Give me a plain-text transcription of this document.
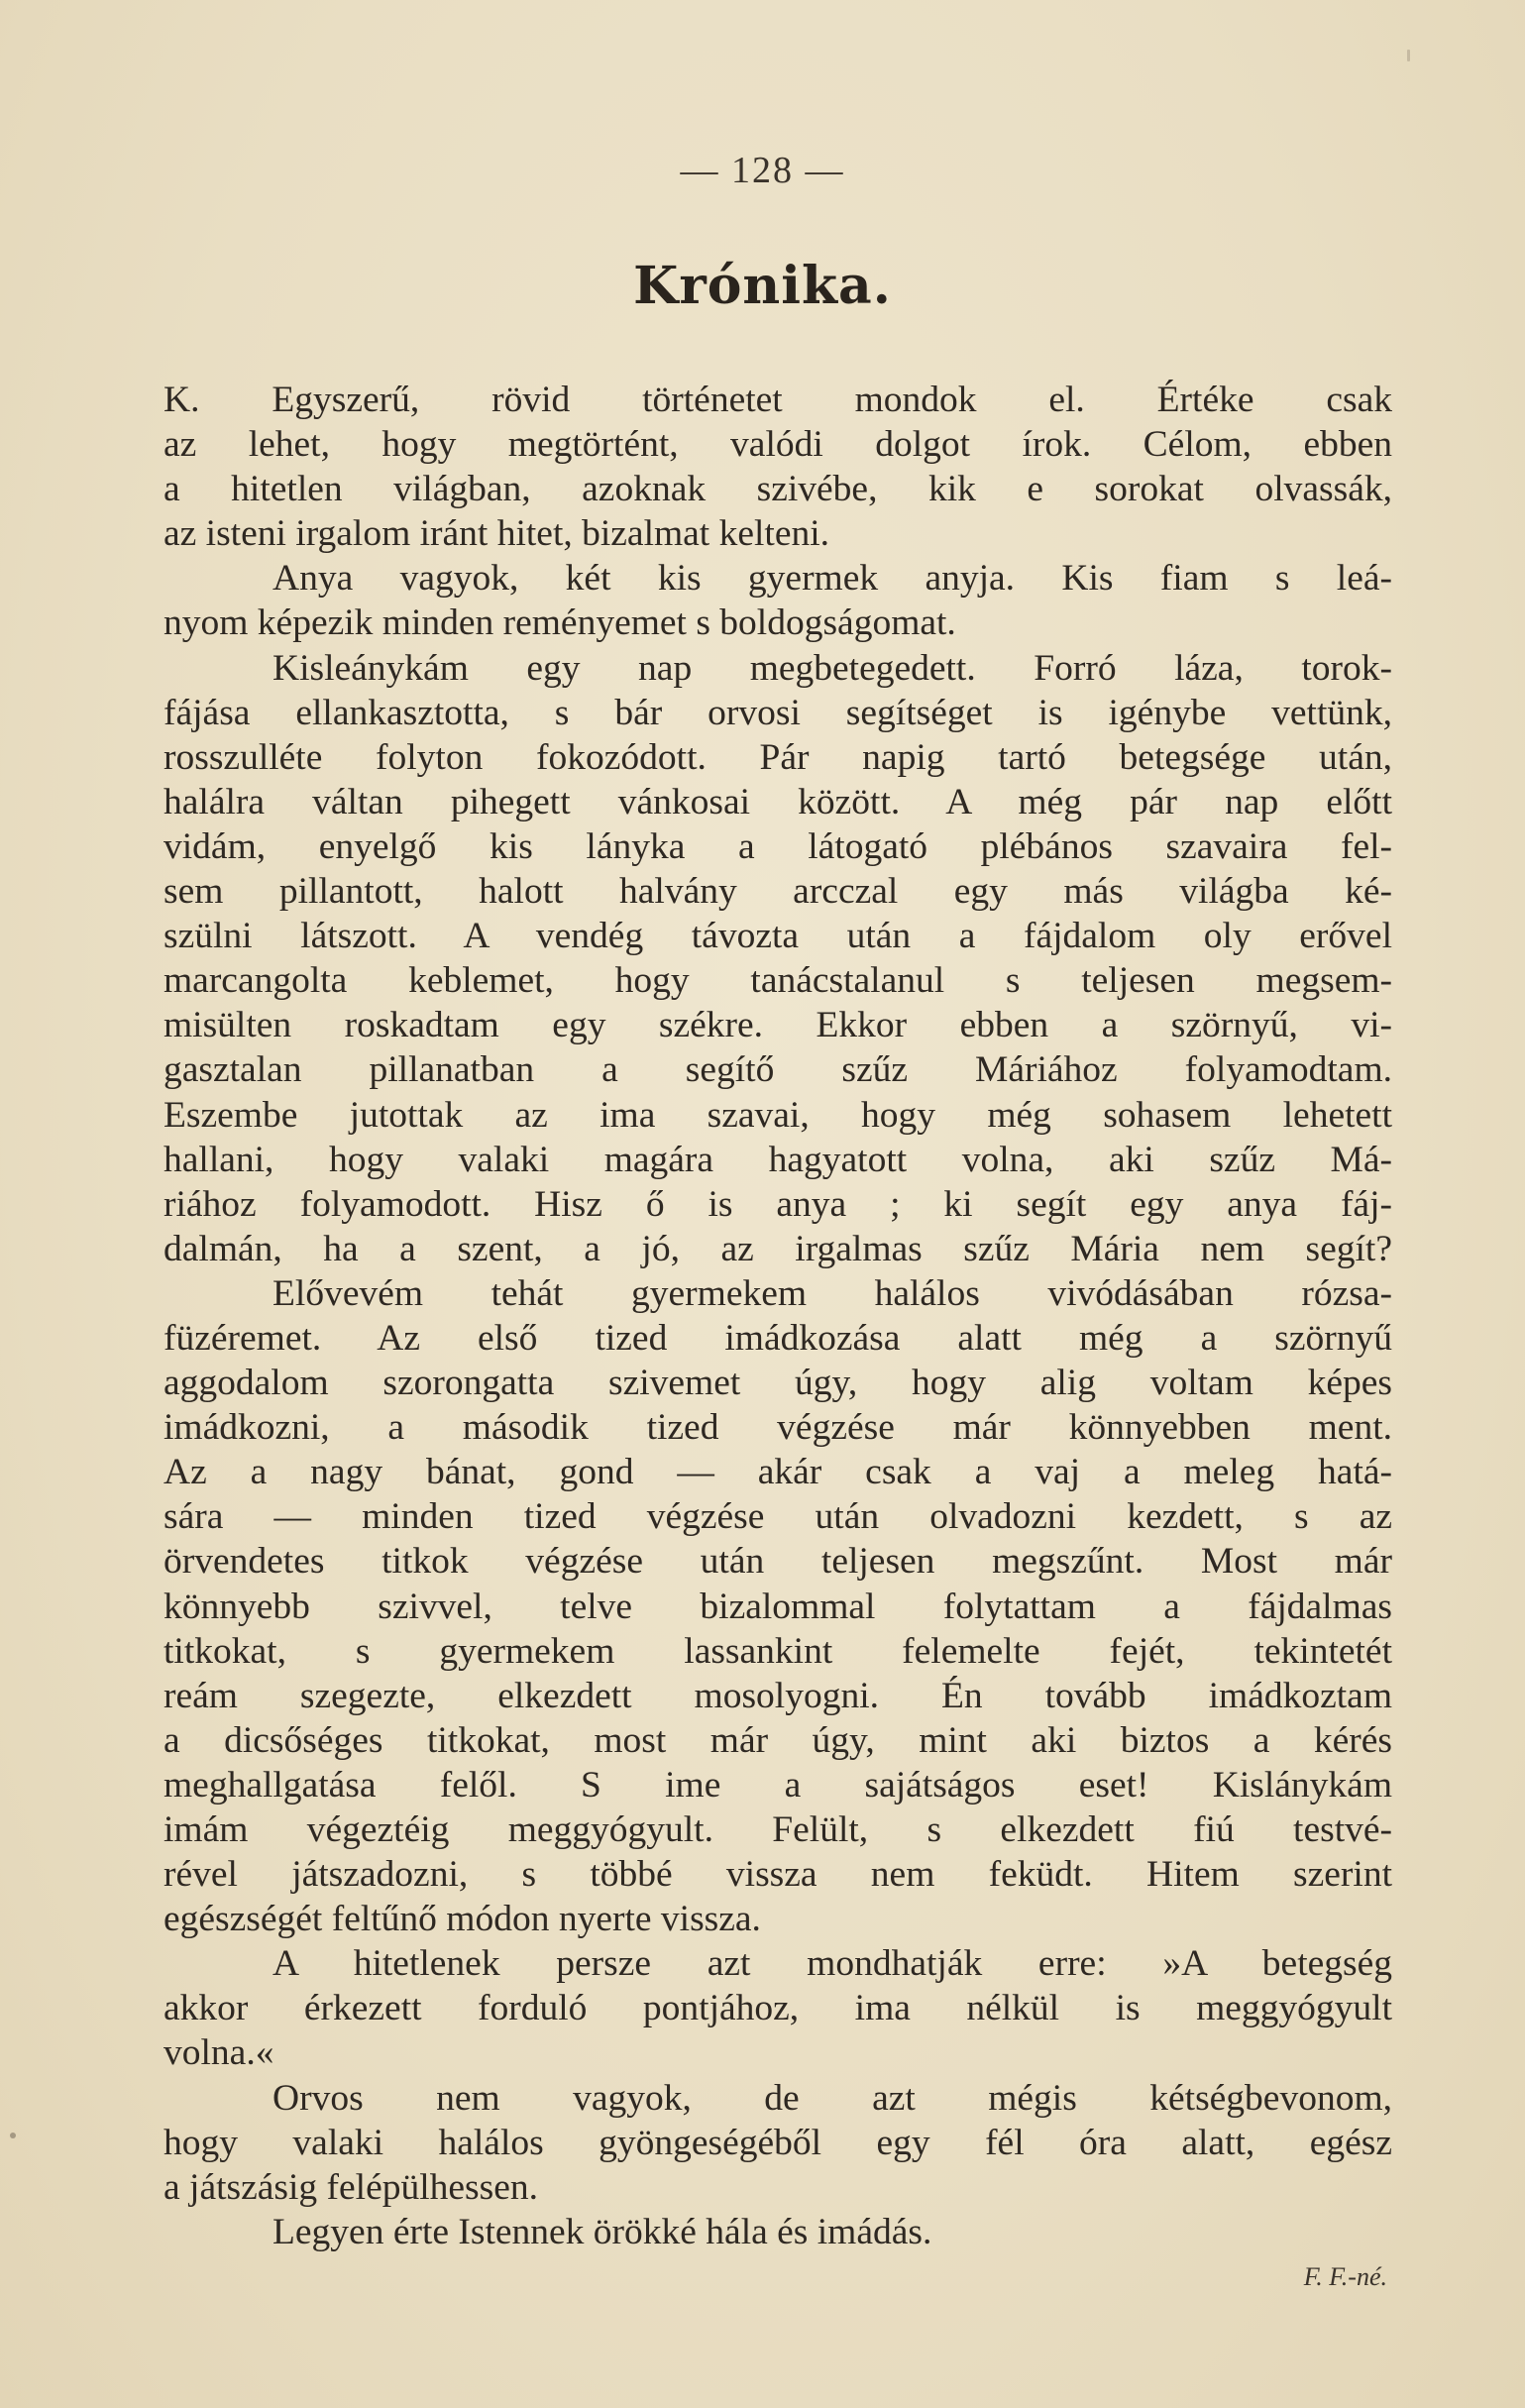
— 128 —
Krónika.
K. Egyszerű, rövid történetet mondok el. Értéke csak
az lehet, hogy megtörtént, valódi dolgot írok. Célom, ebben
a hitetlen világban, azoknak szivébe, kik e sorokat olvassák,
az isteni irgalom iránt hitet, bizalmat kelteni.
Anya vagyok, két kis gyermek anyja. Kis fiam s leá-
nyom képezik minden reményemet s boldogságomat.
Kisleánykám egy nap megbetegedett. Forró láza, torok-
fájása ellankasztotta, s bár orvosi segítséget is igénybe vettünk,
rosszulléte folyton fokozódott. Pár napig tartó betegsége után,
halálra váltan pihegett vánkosai között. A még pár nap előtt
vidám, enyelgő kis lányka a látogató plébános szavaira fel-
sem pillantott, halott halvány arcczal egy más világba ké-
szülni látszott. A vendég távozta után a fájdalom oly erővel
marcangolta keblemet, hogy tanácstalanul s teljesen megsem-
misülten roskadtam egy székre. Ekkor ebben a szörnyű, vi-
gasztalan pillanatban a segítő szűz Máriához folyamodtam.
Eszembe jutottak az ima szavai, hogy még sohasem lehetett
hallani, hogy valaki magára hagyatott volna, aki szűz Má-
riához folyamodott. Hisz ő is anya ; ki segít egy anya fáj-
dalmán, ha a szent, a jó, az irgalmas szűz Mária nem segít?
Elővevém tehát gyermekem halálos vivódásában rózsa-
füzéremet. Az első tized imádkozása alatt még a szörnyű
aggodalom szorongatta szivemet úgy, hogy alig voltam képes
imádkozni, a második tized végzése már könnyebben ment.
Az a nagy bánat, gond — akár csak a vaj a meleg hatá-
sára — minden tized végzése után olvadozni kezdett, s az
örvendetes titkok végzése után teljesen megszűnt. Most már
könnyebb szivvel, telve bizalommal folytattam a fájdalmas
titkokat, s gyermekem lassankint felemelte fejét, tekintetét
reám szegezte, elkezdett mosolyogni. Én tovább imádkoztam
a dicsőséges titkokat, most már úgy, mint aki biztos a kérés
meghallgatása felől. S ime a sajátságos eset! Kislánykám
imám végeztéig meggyógyult. Felült, s elkezdett fiú testvé-
rével játszadozni, s többé vissza nem feküdt. Hitem szerint
egészségét feltűnő módon nyerte vissza.
A hitetlenek persze azt mondhatják erre: »A betegség
akkor érkezett forduló pontjához, ima nélkül is meggyógyult
volna.«
Orvos nem vagyok, de azt mégis kétségbevonom,
hogy valaki halálos gyöngeségéből egy fél óra alatt, egész
a játszásig felépülhessen.
Legyen érte Istennek örökké hála és imádás.
F. F.-né.
